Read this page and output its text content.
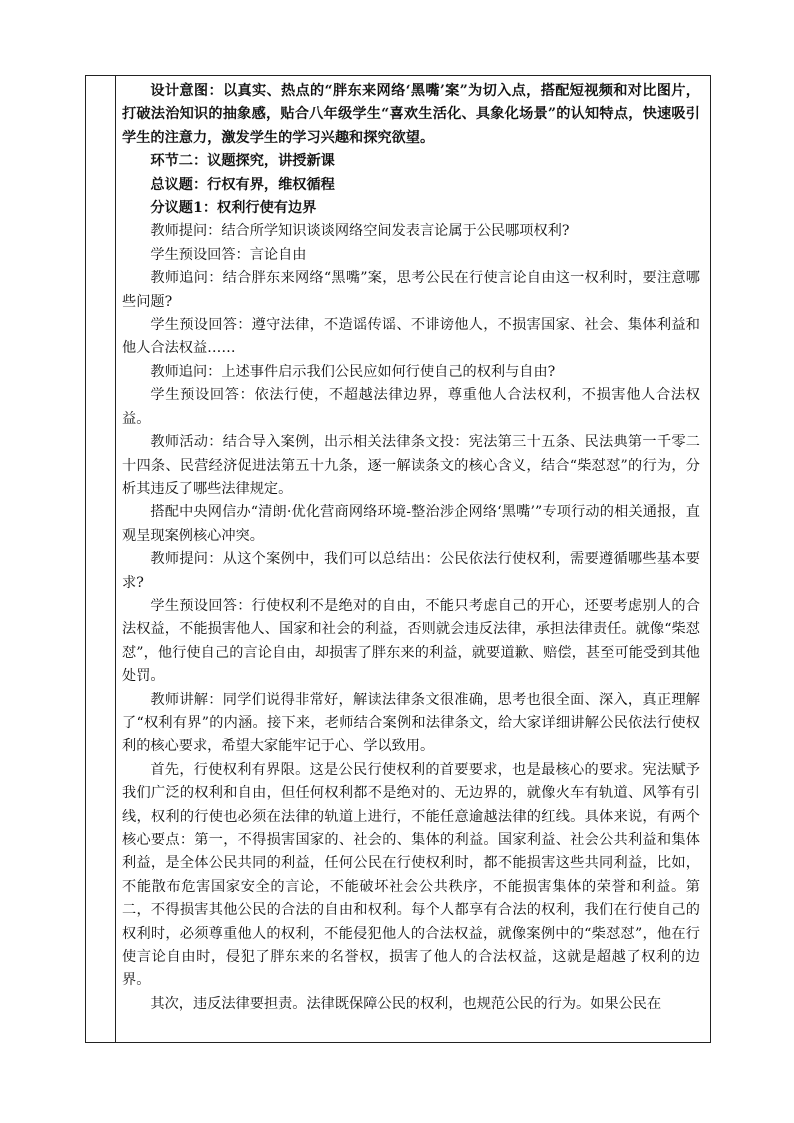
设计意图：以真实、热点的“胖东来网络‘黑嘴’案”为切入点，搭配短视频和对比图片，打破法治知识的抽象感，贴合八年级学生“喜欢生活化、具象化场景”的认知特点，快速吸引学生的注意力，激发学生的学习兴趣和探究欲望。

环节二：议题探究，讲授新课

总议题：行权有界，维权循程

分议题1：权利行使有边界

教师提问：结合所学知识谈谈网络空间发表言论属于公民哪项权利?

学生预设回答：言论自由

教师追问：结合胖东来网络“黑嘴”案，思考公民在行使言论自由这一权利时，要注意哪些问题?

学生预设回答：遵守法律，不造谣传谣、不诽谤他人，不损害国家、社会、集体利益和他人合法权益……

教师追问：上述事件启示我们公民应如何行使自己的权利与自由?

学生预设回答：依法行使，不超越法律边界，尊重他人合法权利，不损害他人合法权益。

教师活动：结合导入案例，出示相关法律条文投：宪法第三十五条、民法典第一千零二十四条、民营经济促进法第五十九条，逐一解读条文的核心含义，结合“柴怼怼”的行为，分析其违反了哪些法律规定。

搭配中央网信办“清朗·优化营商网络环境-整治涉企网络‘黑嘴’”专项行动的相关通报，直观呈现案例核心冲突。

教师提问：从这个案例中，我们可以总结出：公民依法行使权利，需要遵循哪些基本要求?

学生预设回答：行使权利不是绝对的自由，不能只考虑自己的开心，还要考虑别人的合法权益，不能损害他人、国家和社会的利益，否则就会违反法律，承担法律责任。就像“柴怼怼”，他行使自己的言论自由，却损害了胖东来的利益，就要道歉、赔偿，甚至可能受到其他处罚。

教师讲解：同学们说得非常好，解读法律条文很准确，思考也很全面、深入，真正理解了“权利有界”的内涵。接下来，老师结合案例和法律条文，给大家详细讲解公民依法行使权利的核心要求，希望大家能牢记于心、学以致用。

首先，行使权利有界限。这是公民行使权利的首要要求，也是最核心的要求。宪法赋予我们广泛的权利和自由，但任何权利都不是绝对的、无边界的，就像火车有轨道、风筝有引线，权利的行使也必须在法律的轨道上进行，不能任意逾越法律的红线。具体来说，有两个核心要点：第一，不得损害国家的、社会的、集体的利益。国家利益、社会公共利益和集体利益，是全体公民共同的利益，任何公民在行使权利时，都不能损害这些共同利益，比如，不能散布危害国家安全的言论，不能破坏社会公共秩序，不能损害集体的荣誉和利益。第二，不得损害其他公民的合法的自由和权利。每个人都享有合法的权利，我们在行使自己的权利时，必须尊重他人的权利，不能侵犯他人的合法权益，就像案例中的“柴怼怼”，他在行使言论自由时，侵犯了胖东来的名誉权，损害了他人的合法权益，这就是超越了权利的边界。

其次，违反法律要担责。法律既保障公民的权利，也规范公民的行为。如果公民在
